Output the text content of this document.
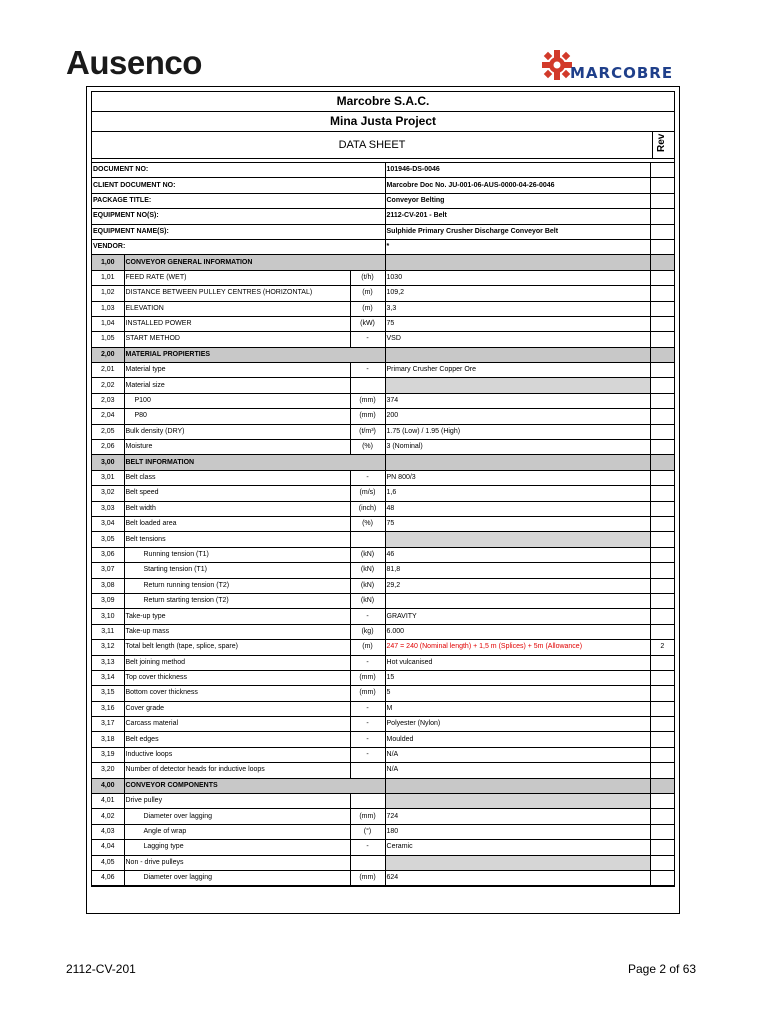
Ausenco	MARCOBRE
Marcobre S.A.C.
Mina Justa Project
DATA SHEET	Rev
DOCUMENT NO:	101946-DS-0046	
CLIENT DOCUMENT NO:	Marcobre Doc No. JU-001-06-AUS-0000-04-26-0046	
PACKAGE TITLE:	Conveyor Belting	
EQUIPMENT NO(S):	2112-CV-201 - Belt	
EQUIPMENT NAME(S):	Sulphide Primary Crusher Discharge Conveyor Belt	
VENDOR:	*	
1,00	CONVEYOR GENERAL INFORMATION			
1,01	FEED RATE (WET)	(t/h)	1030	
1,02	DISTANCE BETWEEN PULLEY CENTRES (HORIZONTAL)	(m)	109,2	
1,03	ELEVATION	(m)	3,3	
1,04	INSTALLED POWER	(kW)	75	
1,05	START METHOD	-	VSD	
2,00	MATERIAL PROPIERTIES			
2,01	Material type	-	Primary Crusher Copper Ore	
2,02	Material size			
2,03	P100	(mm)	374	
2,04	P80	(mm)	200	
2,05	Bulk density (DRY)	(t/m³)	1.75 (Low) / 1.95 (High)	
2,06	Moisture	(%)	3 (Nominal)	
3,00	BELT INFORMATION			
3,01	Belt class	-	PN 800/3	
3,02	Belt speed	(m/s)	1,6	
3,03	Belt width	(inch)	48	
3,04	Belt loaded area	(%)	75	
3,05	Belt tensions			
3,06	Running tension (T1)	(kN)	46	
3,07	Starting tension (T1)	(kN)	81,8	
3,08	Return running tension (T2)	(kN)	29,2	
3,09	Return starting tension (T2)	(kN)		
3,10	Take-up type	-	GRAVITY	
3,11	Take-up mass	(kg)	6.000	
3,12	Total belt length (tape, splice, spare)	(m)	247 = 240 (Nominal length) + 1,5 m (Splices) + 5m (Allowance)	2
3,13	Belt joining method	-	Hot vulcanised	
3,14	Top cover thickness	(mm)	15	
3,15	Bottom cover thickness	(mm)	5	
3,16	Cover grade	-	M	
3,17	Carcass material	-	Polyester (Nylon)	
3,18	Belt edges	-	Moulded	
3,19	Inductive loops	-	N/A	
3,20	Number of detector heads for inductive loops		N/A	
4,00	CONVEYOR COMPONENTS			
4,01	Drive pulley			
4,02	Diameter over lagging	(mm)	724	
4,03	Angle of wrap	(°)	180	
4,04	Lagging type	-	Ceramic	
4,05	Non - drive pulleys			
4,06	Diameter over lagging	(mm)	624	
2112-CV-201	Page 2 of 63
